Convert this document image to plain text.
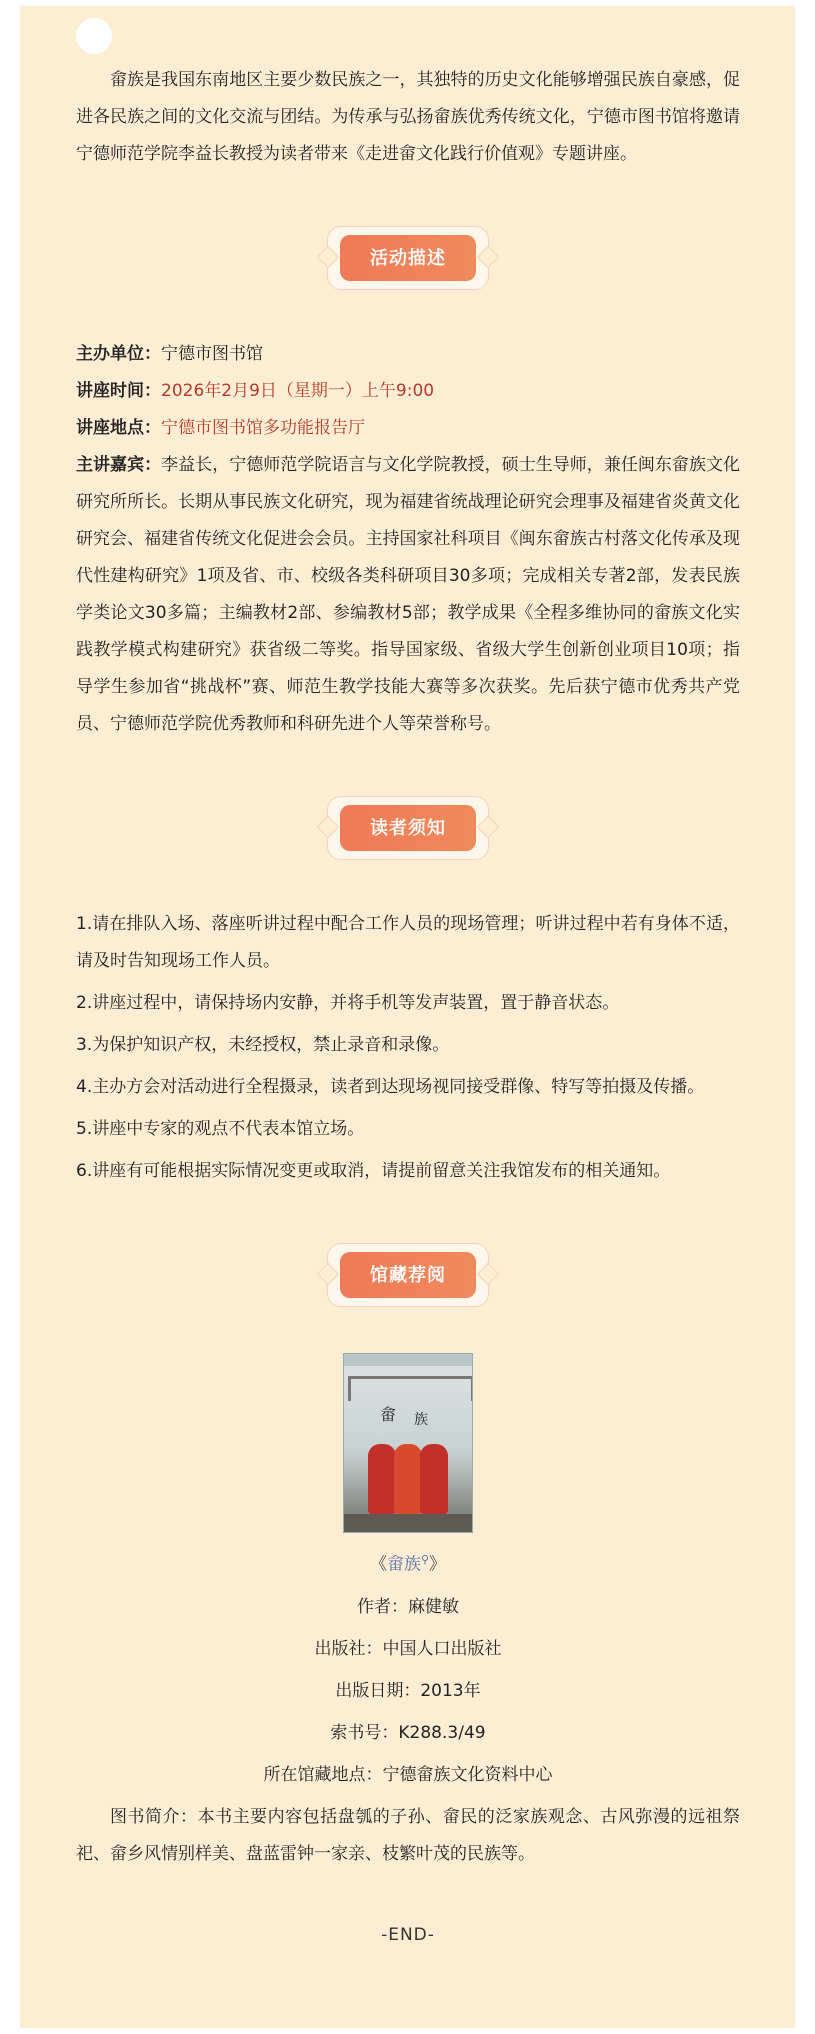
畲族是我国东南地区主要少数民族之一，其独特的历史文化能够增强民族自豪感，促进各民族之间的文化交流与团结。为传承与弘扬畲族优秀传统文化，宁德市图书馆将邀请宁德师范学院李益长教授为读者带来《走进畲文化践行价值观》专题讲座。

活动描述

主办单位：宁德市图书馆

讲座时间：2026年2月9日（星期一）上午9:00

讲座地点：宁德市图书馆多功能报告厅

主讲嘉宾：李益长，宁德师范学院语言与文化学院教授，硕士生导师，兼任闽东畲族文化研究所所长。长期从事民族文化研究，现为福建省统战理论研究会理事及福建省炎黄文化研究会、福建省传统文化促进会会员。主持国家社科项目《闽东畲族古村落文化传承及现代性建构研究》1项及省、市、校级各类科研项目30多项；完成相关专著2部，发表民族学类论文30多篇；主编教材2部、参编教材5部；教学成果《全程多维协同的畲族文化实践教学模式构建研究》获省级二等奖。指导国家级、省级大学生创新创业项目10项；指导学生参加省“挑战杯”赛、师范生教学技能大赛等多次获奖。先后获宁德市优秀共产党员、宁德师范学院优秀教师和科研先进个人等荣誉称号。

读者须知

1.请在排队入场、落座听讲过程中配合工作人员的现场管理；听讲过程中若有身体不适，请及时告知现场工作人员。

2.讲座过程中，请保持场内安静，并将手机等发声装置，置于静音状态。

3.为保护知识产权，未经授权，禁止录音和录像。

4.主办方会对活动进行全程摄录，读者到达现场视同接受群像、特写等拍摄及传播。

5.讲座中专家的观点不代表本馆立场。

6.讲座有可能根据实际情况变更或取消，请提前留意关注我馆发布的相关通知。

馆藏荐阅
畲 族

《畲族⚲》

作者：麻健敏

出版社：中国人口出版社

出版日期：2013年

索书号：K288.3/49

所在馆藏地点：宁德畲族文化资料中心

图书简介：本书主要内容包括盘瓠的子孙、畲民的泛家族观念、古风弥漫的远祖祭祀、畲乡风情别样美、盘蓝雷钟一家亲、枝繁叶茂的民族等。

-END-
